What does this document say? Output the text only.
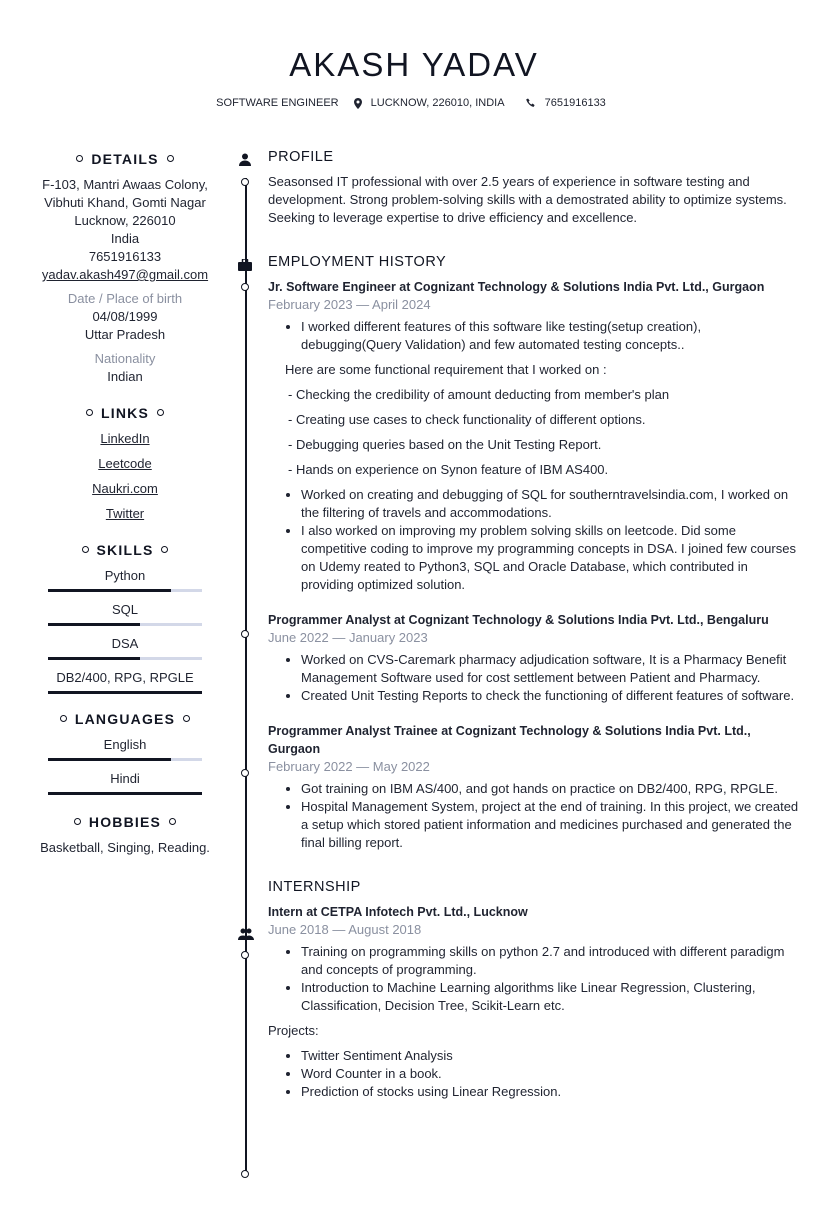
AKASH YADAV
SOFTWARE ENGINEER	LUCKNOW, 226010, INDIA	7651916133
DETAILS
F-103, Mantri Awaas Colony,
Vibhuti Khand, Gomti Nagar
Lucknow, 226010
India
7651916133
yadav.akash497@gmail.com
Date / Place of birth
04/08/1999
Uttar Pradesh
Nationality
Indian
LINKS
LinkedIn
Leetcode
Naukri.com
Twitter
SKILLS
Python
SQL
DSA
DB2/400, RPG, RPGLE
LANGUAGES
English
Hindi
HOBBIES
Basketball, Singing, Reading.
PROFILE

Seasonsed IT professional with over 2.5 years of experience in software testing and development. Strong problem-solving skills with a demostrated ability to optimize systems. Seeking to leverage expertise to drive efficiency and excellence.

EMPLOYMENT HISTORY
Jr. Software Engineer at Cognizant Technology & Solutions India Pvt. Ltd., Gurgaon
February 2023 — April 2024
• I worked different features of this software like testing(setup creation), debugging(Query Validation) and few automated testing concepts..

Here are some functional requirement that I worked on :

- Checking the credibility of amount deducting from member's plan

- Creating use cases to check functionality of different options.

- Debugging queries based on the Unit Testing Report.

- Hands on experience on Synon feature of IBM AS400.

• Worked on creating and debugging of SQL for southerntravelsindia.com, I worked on the filtering of travels and accommodations.
• I also worked on improving my problem solving skills on leetcode. Did some competitive coding to improve my programming concepts in DSA. I joined few courses on Udemy reated to Python3, SQL and Oracle Database, which contributed in providing optimized solution.
Programmer Analyst at Cognizant Technology & Solutions India Pvt. Ltd., Bengaluru
June 2022 — January 2023
• Worked on CVS-Caremark pharmacy adjudication software, It is a Pharmacy Benefit Management Software used for cost settlement between Patient and Pharmacy.
• Created Unit Testing Reports to check the functioning of different features of software.
Programmer Analyst Trainee at Cognizant Technology & Solutions India Pvt. Ltd., Gurgaon
February 2022 — May 2022
• Got training on IBM AS/400, and got hands on practice on DB2/400, RPG, RPGLE.
• Hospital Management System, project at the end of training. In this project, we created a setup which stored patient information and medicines purchased and generated the final billing report.
INTERNSHIP
Intern at CETPA Infotech Pvt. Ltd., Lucknow
June 2018 — August 2018
• Training on programming skills on python 2.7 and introduced with different paradigm and concepts of programming.
• Introduction to Machine Learning algorithms like Linear Regression, Clustering, Classification, Decision Tree, Scikit-Learn etc.

Projects:

• Twitter Sentiment Analysis
• Word Counter in a book.
• Prediction of stocks using Linear Regression.
